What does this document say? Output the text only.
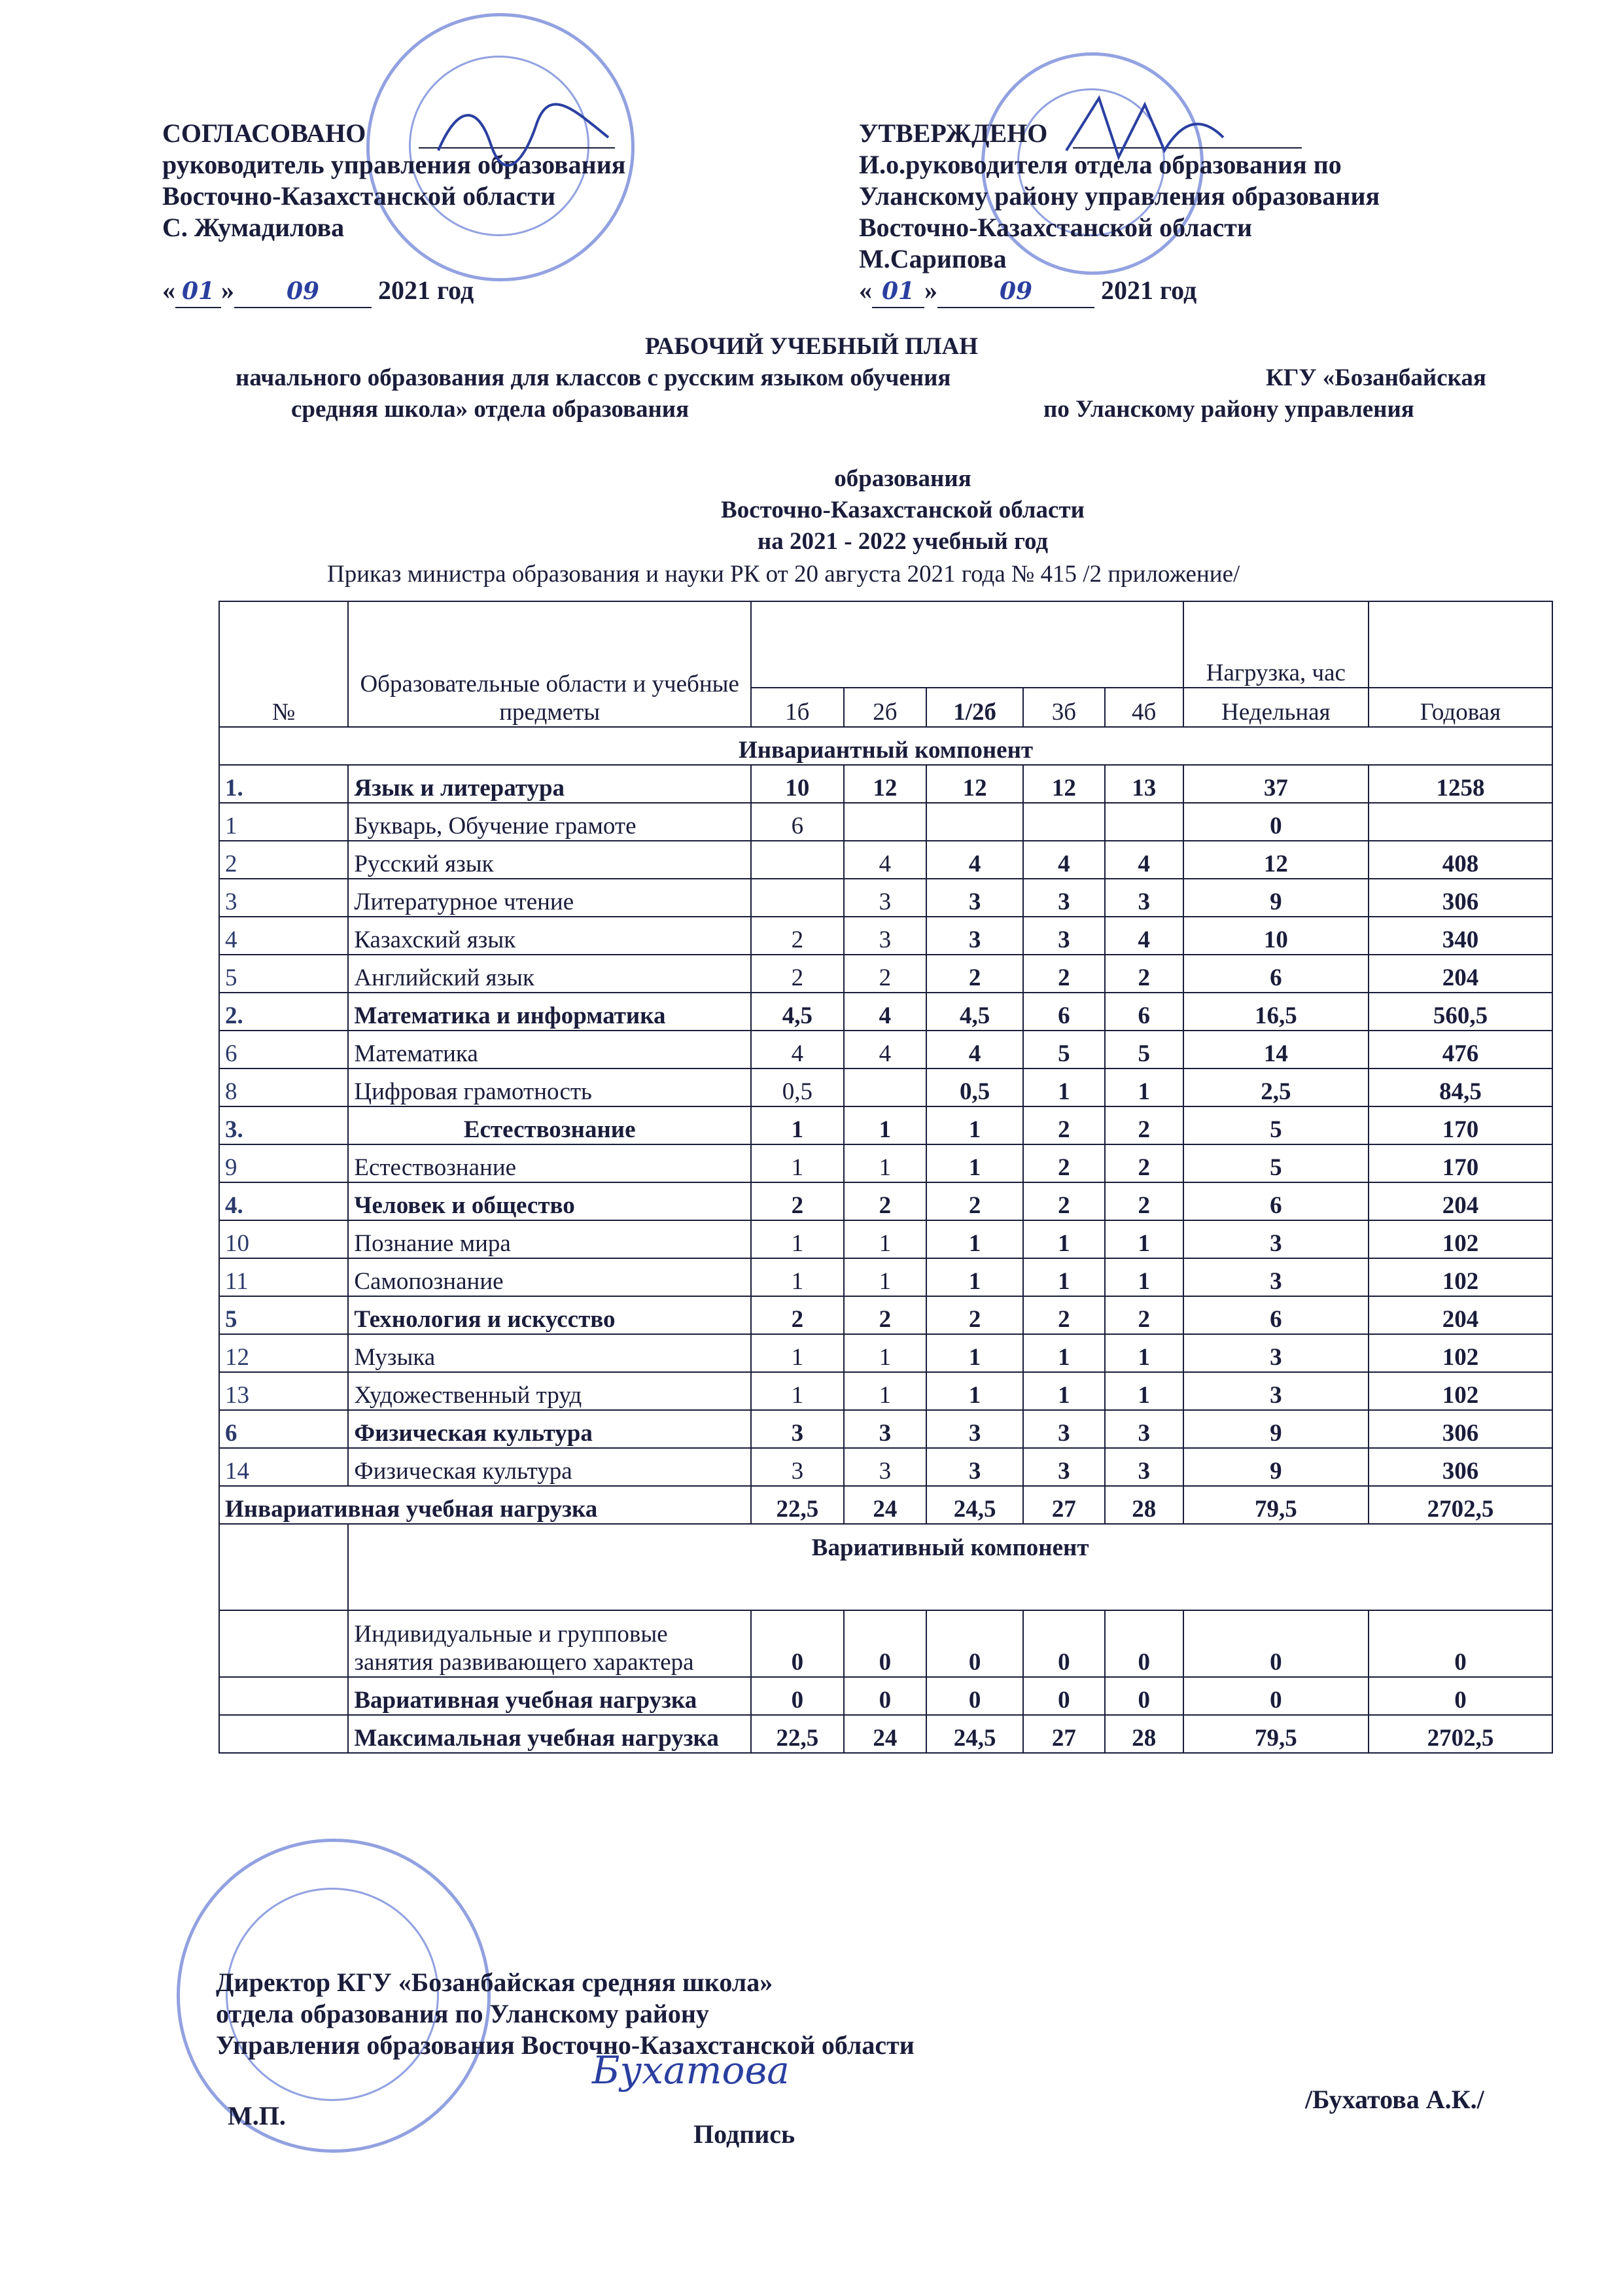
СОГЛАСОВАНО
руководитель управления образования
Восточно-Казахстанской области
С. Жумадилова
« 01 » 09 2021 год
УТВЕРЖДЕНО
И.о.руководителя отдела образования по
Уланскому району управления образования
Восточно-Казахстанской области
М.Сарипова
« 01 »	09	2021 год
РАБОЧИЙ УЧЕБНЫЙ ПЛАН
начального образования для классов с русским языком обучения	КГУ «Бозанбайская
средняя школа» отдела образования	по Уланскому району управления
образования
Восточно-Казахстанской области
на 2021 - 2022 учебный год
Приказ министра образования и науки РК от 20 августа 2021 года № 415 /2 приложение/
№	Образовательные области и учебные предметы						Нагрузка, час	
		1б	2б	1/2б	3б	4б	Недельная	Годовая
Инвариантный компонент								
1.	Язык и литература	10	12	12	12	13	37	1258
1	Букварь, Обучение грамоте	6					0	
2	Русский язык		4	4	4	4	12	408
3	Литературное чтение		3	3	3	3	9	306
4	Казахский язык	2	3	3	3	4	10	340
5	Английский язык	2	2	2	2	2	6	204
2.	Математика и информатика	4,5	4	4,5	6	6	16,5	560,5
6	Математика	4	4	4	5	5	14	476
8	Цифровая грамотность	0,5		0,5	1	1	2,5	84,5
3.	Естествознание	1	1	1	2	2	5	170
9	Естествознание	1	1	1	2	2	5	170
4.	Человек и общество	2	2	2	2	2	6	204
10	Познание мира	1	1	1	1	1	3	102
11	Самопознание	1	1	1	1	1	3	102
5	Технология и искусство	2	2	2	2	2	6	204
12	Музыка	1	1	1	1	1	3	102
13	Художественный труд	1	1	1	1	1	3	102
6	Физическая культура	3	3	3	3	3	9	306
14	Физическая культура	3	3	3	3	3	9	306
Инвариативная учебная нагрузка		22,5	24	24,5	27	28	79,5	2702,5
	Вариативный компонент							
	Индивидуальные и групповые занятия развивающего характера	0	0	0	0	0	0	0
	Вариативная учебная нагрузка	0	0	0	0	0	0	0
	Максимальная учебная нагрузка	22,5	24	24,5	27	28	79,5	2702,5
Директор КГУ «Бозанбайская средняя школа»
отдела образования по Уланскому району
Управления образования Восточно-Казахстанской области
М.П.
Бухатова
Подпись
/Бухатова А.К./
